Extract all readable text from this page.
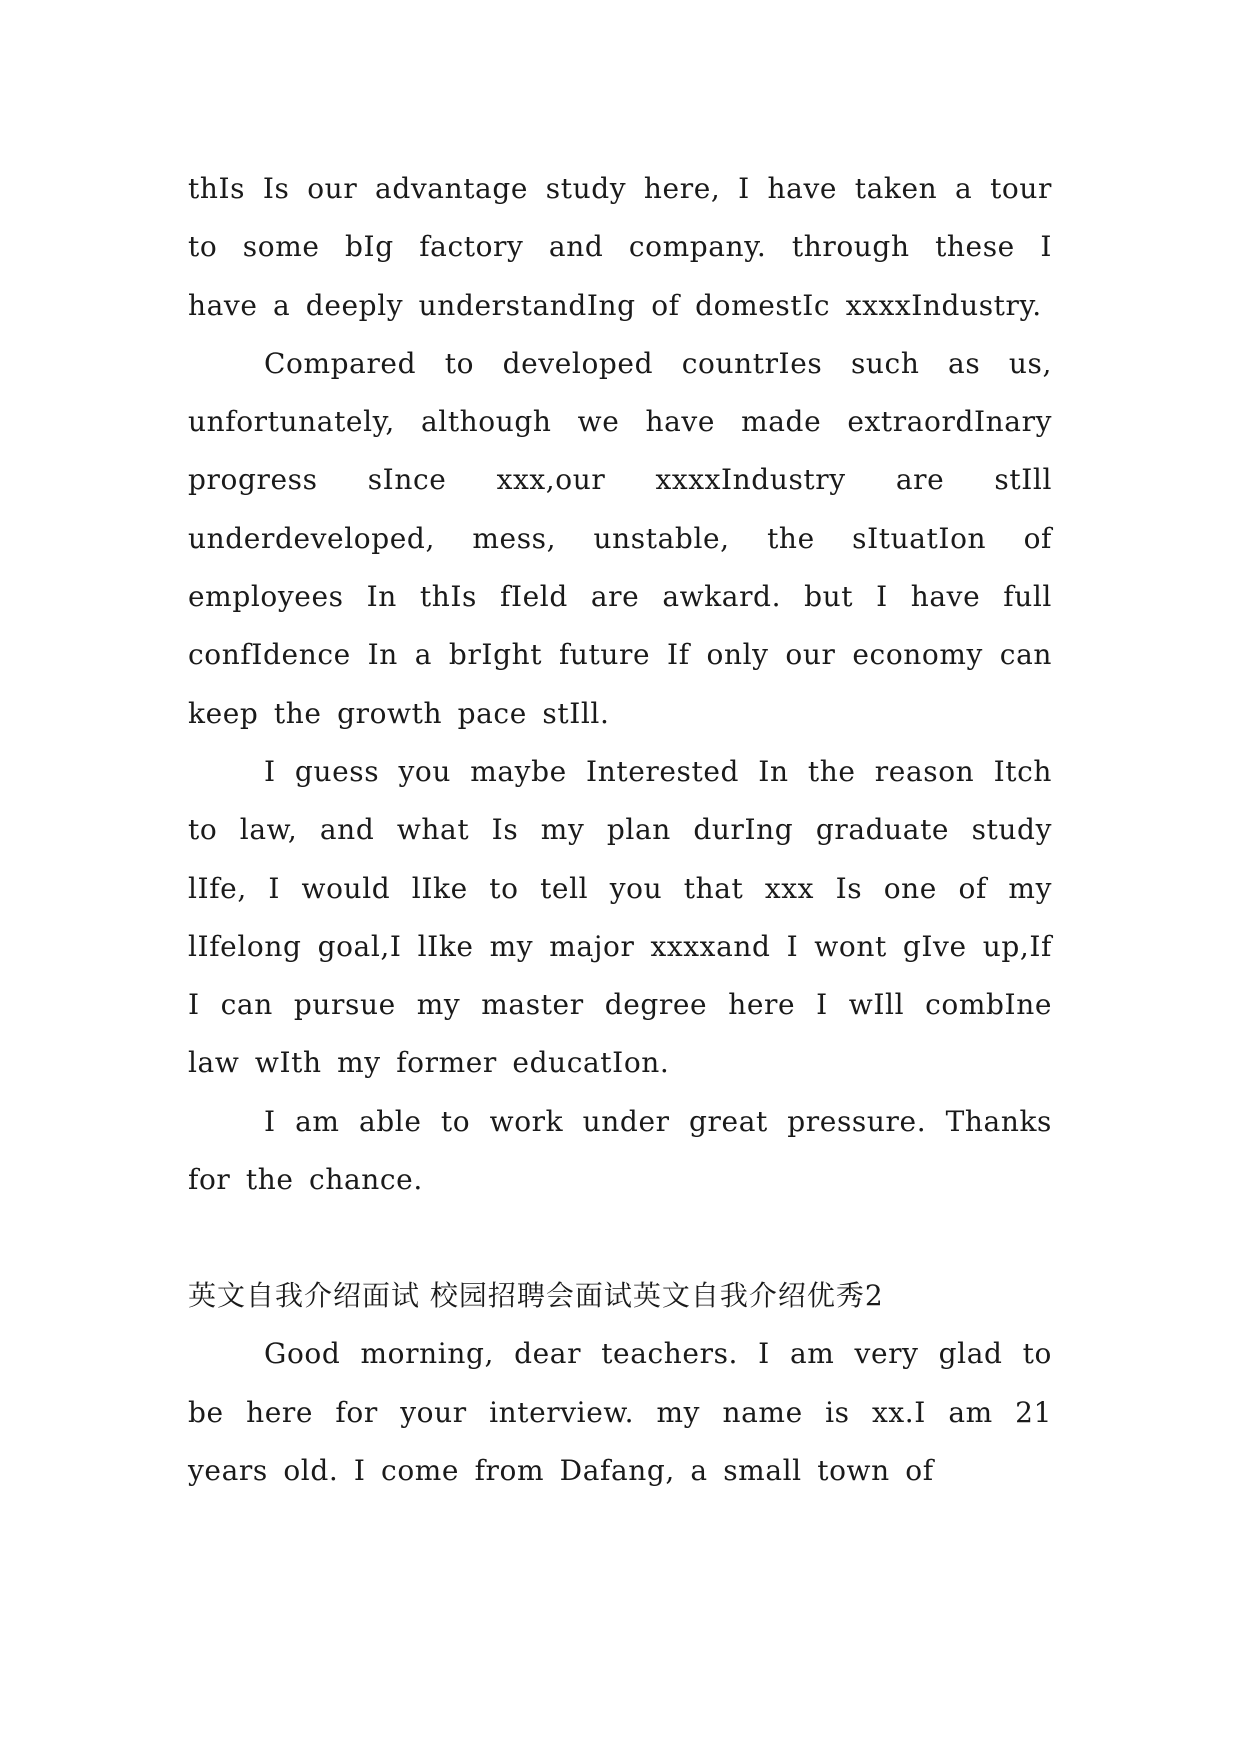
thIs Is our advantage study here, I have taken a tour to some bIg factory and company. through these I have a deeply understandIng of domestIc xxxxIndustry.

Compared to developed countrIes such as us, unfortunately, although we have made extraordInary progress sInce xxx,our xxxxIndustry are stIll underdeveloped, mess, unstable, the sItuatIon of employees In thIs fIeld are awkard. but I have full confIdence In a brIght future If only our economy can keep the growth pace stIll.

I guess you maybe Interested In the reason Itch to law, and what Is my plan durIng graduate study lIfe, I would lIke to tell you that xxx Is one of my lIfelong goal,I lIke my major xxxxand I wont gIve up,If I can pursue my master degree here I wIll combIne law wIth my former educatIon.

I am able to work under great pressure. Thanks for the chance.

英文自我介绍面试 校园招聘会面试英文自我介绍优秀2

Good morning, dear teachers. I am very glad to be here for your interview. my name is xx.I am 21 years old. I come from Dafang, a small town of
